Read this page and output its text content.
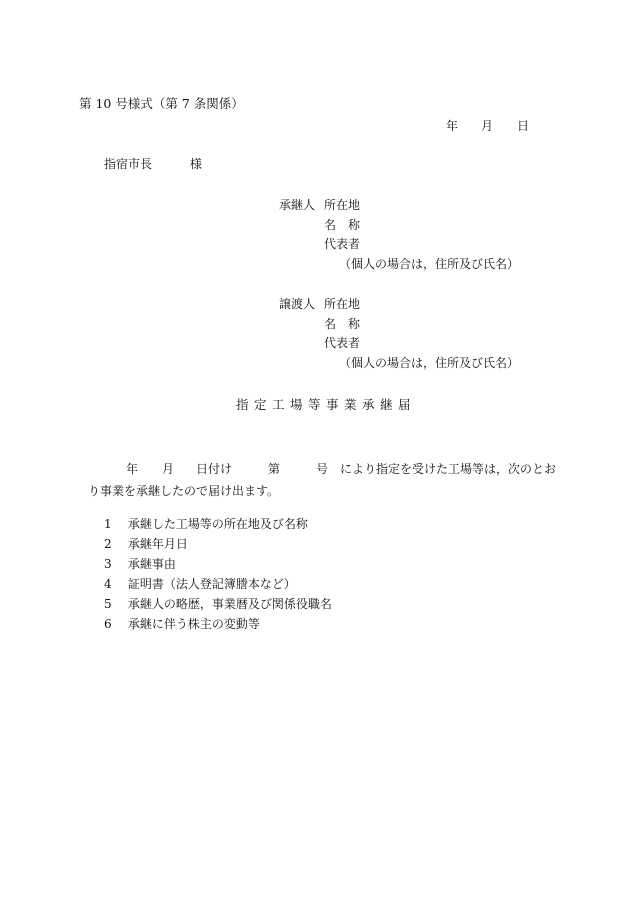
第 10 号様式（第 7 条関係）
年 月 日
指宿市長	様
承継人 所在地
名　称
代表者
（個人の場合は，住所及び氏名）
譲渡人 所在地
名　称
代表者
（個人の場合は，住所及び氏名）
指定工場等事業承継届
年 月 日付け	第	号 により指定を受けた工場等は，次のとお
り事業を承継したので届け出ます。
1 承継した工場等の所在地及び名称
2 承継年月日
3 承継事由
4 証明書（法人登記簿謄本など）
5 承継人の略歴，事業暦及び関係役職名
6 承継に伴う株主の変動等
